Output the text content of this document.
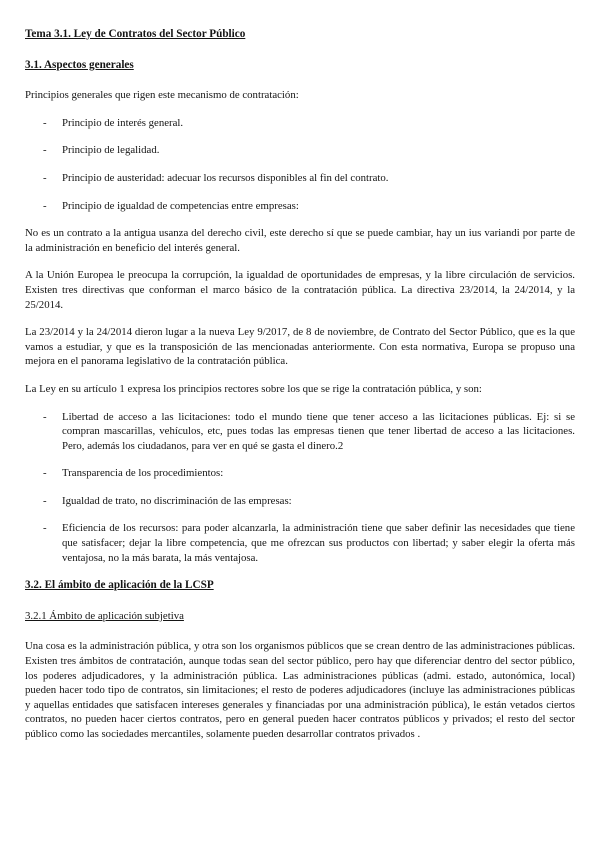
Tema 3.1. Ley de Contratos del Sector Público
3.1. Aspectos generales

Principios generales que rigen este mecanismo de contratación:

- Principio de interés general.
- Principio de legalidad.
- Principio de austeridad: adecuar los recursos disponibles al fin del contrato.
- Principio de igualdad de competencias entre empresas:

No es un contrato a la antigua usanza del derecho civil, este derecho sí que se puede cambiar, hay un ius variandi por parte de la administración en beneficio del interés general.

A la Unión Europea le preocupa la corrupción, la igualdad de oportunidades de empresas, y la libre circulación de servicios. Existen tres directivas que conforman el marco básico de la contratación pública. La directiva 23/2014, la 24/2014, y la 25/2014.

La 23/2014 y la 24/2014 dieron lugar a la nueva Ley 9/2017, de 8 de noviembre, de Contrato del Sector Público, que es la que vamos a estudiar, y que es la transposición de las mencionadas anteriormente. Con esta normativa, Europa se propuso una mejora en el panorama legislativo de la contratación pública.

La Ley en su artículo 1 expresa los principios rectores sobre los que se rige la contratación pública, y son:

- Libertad de acceso a las licitaciones: todo el mundo tiene que tener acceso a las licitaciones públicas. Ej: si se compran mascarillas, vehículos, etc, pues todas las empresas tienen que tener libertad de acceso a las licitaciones. Pero, además los ciudadanos, para ver en qué se gasta el dinero.2
- Transparencia de los procedimientos:
- Igualdad de trato, no discriminación de las empresas:
- Eficiencia de los recursos: para poder alcanzarla, la administración tiene que saber definir las necesidades que tiene que satisfacer; dejar la libre competencia, que me ofrezcan sus productos con libertad; y saber elegir la oferta más ventajosa, no la más barata, la más ventajosa.
3.2. El ámbito de aplicación de la LCSP
3.2.1 Ámbito de aplicación subjetiva

Una cosa es la administración pública, y otra son los organismos públicos que se crean dentro de las administraciones públicas. Existen tres ámbitos de contratación, aunque todas sean del sector público, pero hay que diferenciar dentro del sector público, los poderes adjudicadores, y la administración pública. Las administraciones públicas (admi. estado, autonómica, local) pueden hacer todo tipo de contratos, sin limitaciones; el resto de poderes adjudicadores (incluye las administraciones públicas y aquellas entidades que satisfacen intereses generales y financiadas por una administración pública), le están vetados ciertos contratos, no pueden hacer ciertos contratos, pero en general pueden hacer contratos públicos y privados; el resto del sector público como las sociedades mercantiles, solamente pueden desarrollar contratos privados .
